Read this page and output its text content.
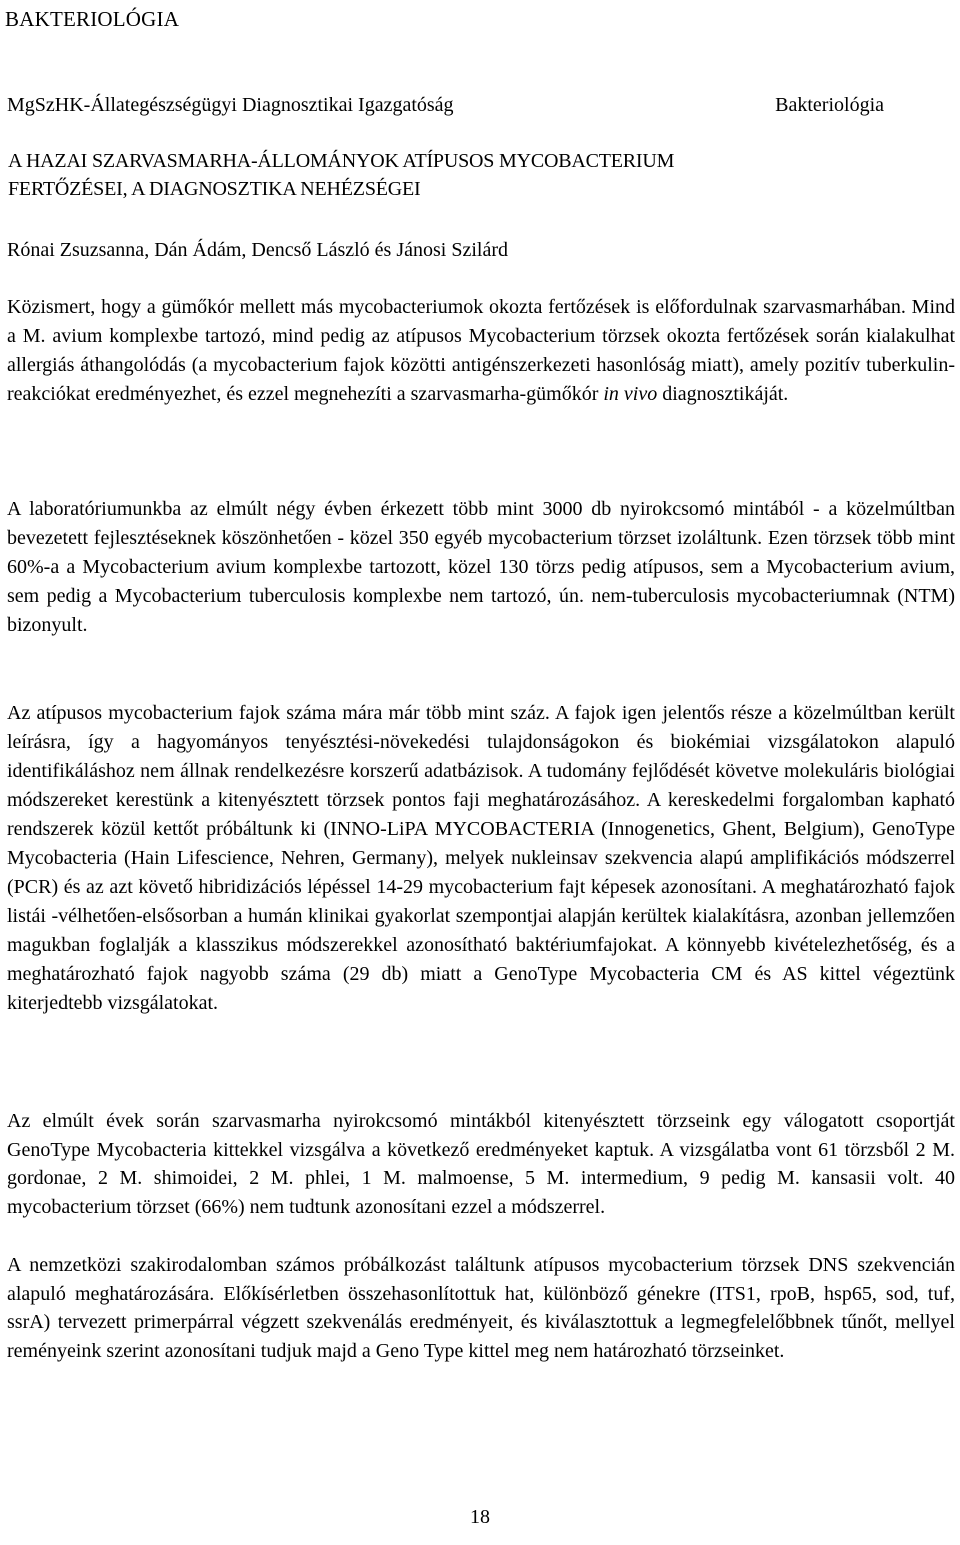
BAKTERIOLÓGIA
MgSzHK-Állategészségügyi Diagnosztikai Igazgatóság	Bakteriológia
A HAZAI SZARVASMARHA-ÁLLOMÁNYOK ATÍPUSOS MYCOBACTERIUM
FERTŐZÉSEI, A DIAGNOSZTIKA NEHÉZSÉGEI
Rónai Zsuzsanna, Dán Ádám, Dencső László és Jánosi Szilárd

Közismert, hogy a gümőkór mellett más mycobacteriumok okozta fertőzések is előfordulnak szarvasmarhában. Mind a M. avium komplexbe tartozó, mind pedig az atípusos Mycobacterium törzsek okozta fertőzések során kialakulhat allergiás áthangolódás (a mycobacterium fajok közötti antigénszerkezeti hasonlóság miatt), amely pozitív tuberkulin-reakciókat eredményezhet, és ezzel megnehezíti a szarvasmarha-gümőkór in vivo diagnosztikáját.

A laboratóriumunkba az elmúlt négy évben érkezett több mint 3000 db nyirokcsomó mintából - a közelmúltban bevezetett fejlesztéseknek köszönhetően - közel 350 egyéb mycobacterium törzset izoláltunk. Ezen törzsek több mint 60%-a a Mycobacterium avium komplexbe tartozott, közel 130 törzs pedig atípusos, sem a Mycobacterium avium, sem pedig a Mycobacterium tuberculosis komplexbe nem tartozó, ún. nem-tuberculosis mycobacteriumnak (NTM) bizonyult.

Az atípusos mycobacterium fajok száma mára már több mint száz. A fajok igen jelentős része a közelmúltban került leírásra, így a hagyományos tenyésztési-növekedési tulajdonságokon és biokémiai vizsgálatokon alapuló identifikáláshoz nem állnak rendelkezésre korszerű adatbázisok. A tudomány fejlődését követve molekuláris biológiai módszereket kerestünk a kitenyésztett törzsek pontos faji meghatározásához. A kereskedelmi forgalomban kapható rendszerek közül kettőt próbáltunk ki (INNO-LiPA MYCOBACTERIA (Innogenetics, Ghent, Belgium), GenoType Mycobacteria (Hain Lifescience, Nehren, Germany), melyek nukleinsav szekvencia alapú amplifikációs módszerrel (PCR) és az azt követő hibridizációs lépéssel 14-29 mycobacterium fajt képesek azonosítani. A meghatározható fajok listái -vélhetően-elsősorban a humán klinikai gyakorlat szempontjai alapján kerültek kialakításra, azonban jellemzően magukban foglalják a klasszikus módszerekkel azonosítható baktériumfajokat. A könnyebb kivételezhetőség, és a meghatározható fajok nagyobb száma (29 db) miatt a GenoType Mycobacteria CM és AS kittel végeztünk kiterjedtebb vizsgálatokat.

Az elmúlt évek során szarvasmarha nyirokcsomó mintákból kitenyésztett törzseink egy válogatott csoportját GenoType Mycobacteria kittekkel vizsgálva a következő eredményeket kaptuk. A vizsgálatba vont 61 törzsből 2 M. gordonae, 2 M. shimoidei, 2 M. phlei, 1 M. malmoense, 5 M. intermedium, 9 pedig M. kansasii volt. 40 mycobacterium törzset (66%) nem tudtunk azonosítani ezzel a módszerrel.

A nemzetközi szakirodalomban számos próbálkozást találtunk atípusos mycobacterium törzsek DNS szekvencián alapuló meghatározására. Előkísérletben összehasonlítottuk hat, különböző génekre (ITS1, rpoB, hsp65, sod, tuf, ssrA) tervezett primerpárral végzett szekvenálás eredményeit, és kiválasztottuk a legmegfelelőbbnek tűnőt, mellyel reményeink szerint azonosítani tudjuk majd a Geno Type kittel meg nem határozható törzseinket.

18
